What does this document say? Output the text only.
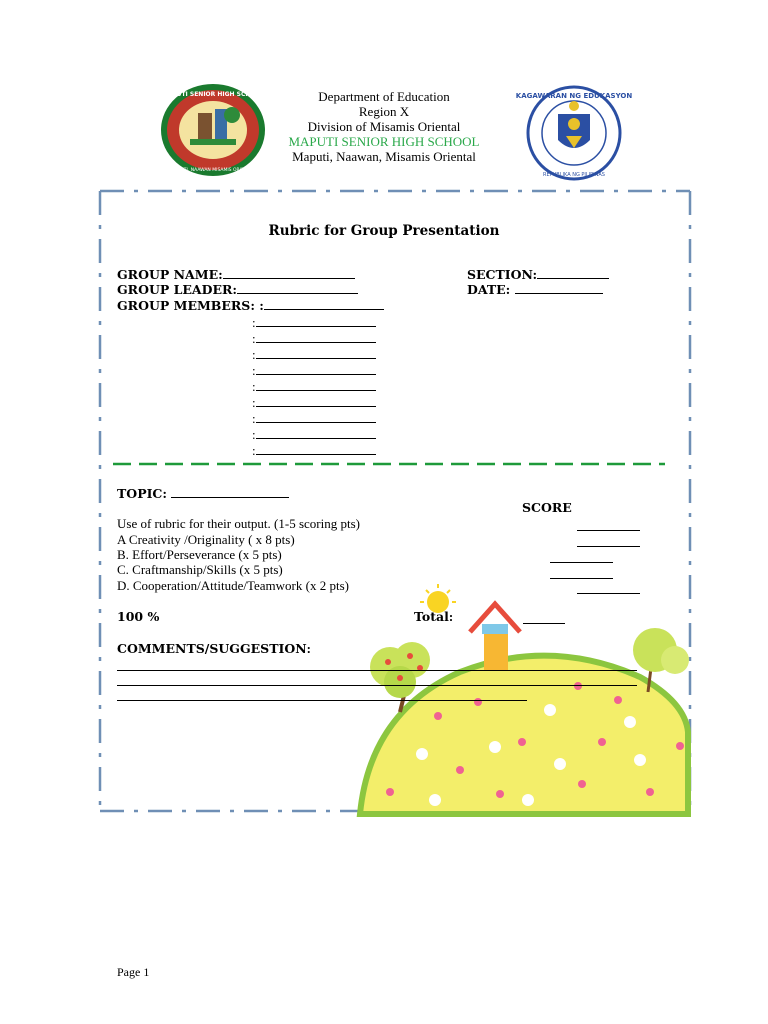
MAPUTI SENIOR HIGH SCHOOL
MAPUTI, NAAWAN MISAMIS ORIENTAL
Department of Education
Region X
Division of Misamis Oriental
MAPUTI SENIOR HIGH SCHOOL
Maputi, Naawan, Misamis Oriental
KAGAWARAN NG EDUKASYON
REPUBLIKA NG PILIPINAS
Rubric for Group Presentation
GROUP NAME:
GROUP LEADER:
GROUP MEMBERS: :
SECTION:
DATE:
:
:
:
:
:
:
:
:
:
TOPIC:
SCORE
Use of rubric for their output. (1-5 scoring pts)
A Creativity /Originality ( x 8 pts)
B. Effort/Perseverance (x 5 pts)
C. Craftmanship/Skills (x 5 pts)
D. Cooperation/Attitude/Teamwork (x 2 pts)
100 %	Total:
COMMENTS/SUGGESTION:
Page 1
